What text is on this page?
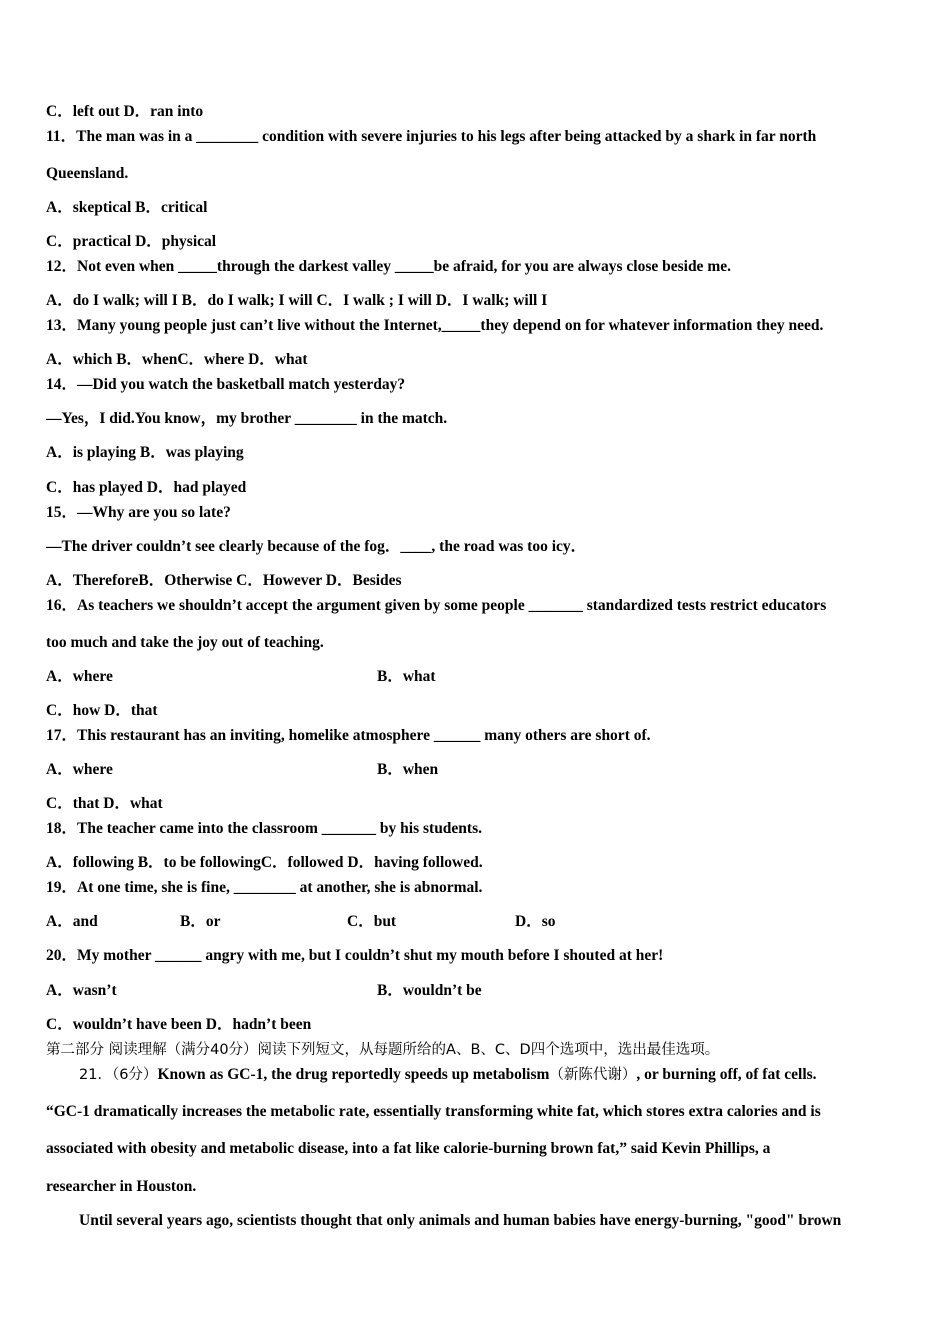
C．left out D．ran into
11．The man was in a ________ condition with severe injuries to his legs after being attacked by a shark in far north
Queensland.
A．skeptical B．critical
C．practical D．physical
12．Not even when _____through the darkest valley _____be afraid, for you are always close beside me.
A．do I walk; will I B．do I walk; I will C．I walk ; I will D．I walk; will I
13．Many young people just can’t live without the Internet,_____they depend on for whatever information they need.
A．which B．whenC．where D．what
14．—Did you watch the basketball match yesterday?
—Yes，I did.You know，my brother ________ in the match.
A．is playing B．was playing
C．has played D．had played
15．—Why are you so late?
—The driver couldn’t see clearly because of the fog．____, the road was too icy．
A．ThereforeB．Otherwise C．However D．Besides
16．As teachers we shouldn’t accept the argument given by some people _______ standardized tests restrict educators
too much and take the joy out of teaching.
A．where	B．what
C．how D．that
17．This restaurant has an inviting, homelike atmosphere ______ many others are short of.
A．where	B．when
C．that D．what
18．The teacher came into the classroom _______ by his students.
A．following B．to be followingC．followed D．having followed.
19．At one time, she is fine, ________ at another, she is abnormal.
A．and	B．or	C．but	D．so
20．My mother ______ angry with me, but I couldn’t shut my mouth before I shouted at her!
A．wasn’t	B．wouldn’t be
C．wouldn’t have been D．hadn’t been
第二部分 阅读理解（满分40分）阅读下列短文，从每题所给的A、B、C、D四个选项中，选出最佳选项。
21．（6分）Known as GC-1, the drug reportedly speeds up metabolism（新陈代谢）, or burning off, of fat cells.
“GC-1 dramatically increases the metabolic rate, essentially transforming white fat, which stores extra calories and is
associated with obesity and metabolic disease, into a fat like calorie-burning brown fat,” said Kevin Phillips, a
researcher in Houston.
Until several years ago, scientists thought that only animals and human babies have energy-burning, "good" brown
